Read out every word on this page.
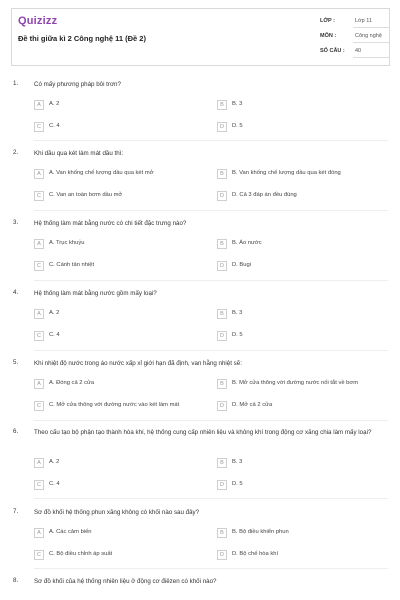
Quizizz
Đề thi giữa kì 2 Công nghệ 11 (Đề 2)
LỚP :	Lớp 11
MÔN :	Công nghệ
SỐ CÂU : 40
1.	Có mấy phương pháp bôi trơn?
A	A. 2	B	B. 3
C	C. 4	D	D. 5
2.	Khi dầu qua két làm mát dầu thì:
A	A. Van khống chế lượng dầu qua két mở	B	B. Van khống chế lượng dầu qua két đóng
C	C. Van an toàn bơm dầu mở	D	D. Cả 3 đáp án đều đúng
3.	Hệ thống làm mát bằng nước có chi tiết đặc trưng nào?
A	A. Trục khuỷu	B	B. Áo nước
C	C. Cánh tản nhiệt	D	D. Bugi
4.	Hệ thống làm mát bằng nước gồm mấy loại?
A	A. 2	B	B. 3
C	C. 4	D	D. 5
5.	Khi nhiệt độ nước trong áo nước xấp xỉ giới hạn đã định, van hằng nhiệt sẽ:
A	A. Đóng cả 2 cửa	B	B. Mở cửa thông với đường nước nối tắt về bơm
C	C. Mở cửa thông với đường nước vào két làm mát	D	D. Mở cả 2 cửa
6.	Theo cấu tạo bộ phận tạo thành hòa khí, hệ thống cung cấp nhiên liệu và không khí trong động cơ xăng chia làm mấy loại?
A	A. 2	B	B. 3
C	C. 4	D	D. 5
7.	Sơ đồ khối hệ thống phun xăng không có khối nào sau đây?
A	A. Các cảm biến	B	B. Bộ điều khiển phun
C	C. Bộ điều chỉnh áp suất	D	D. Bộ chế hòa khí
8.	Sơ đồ khối của hệ thống nhiên liệu ở động cơ điêzen có khối nào?
